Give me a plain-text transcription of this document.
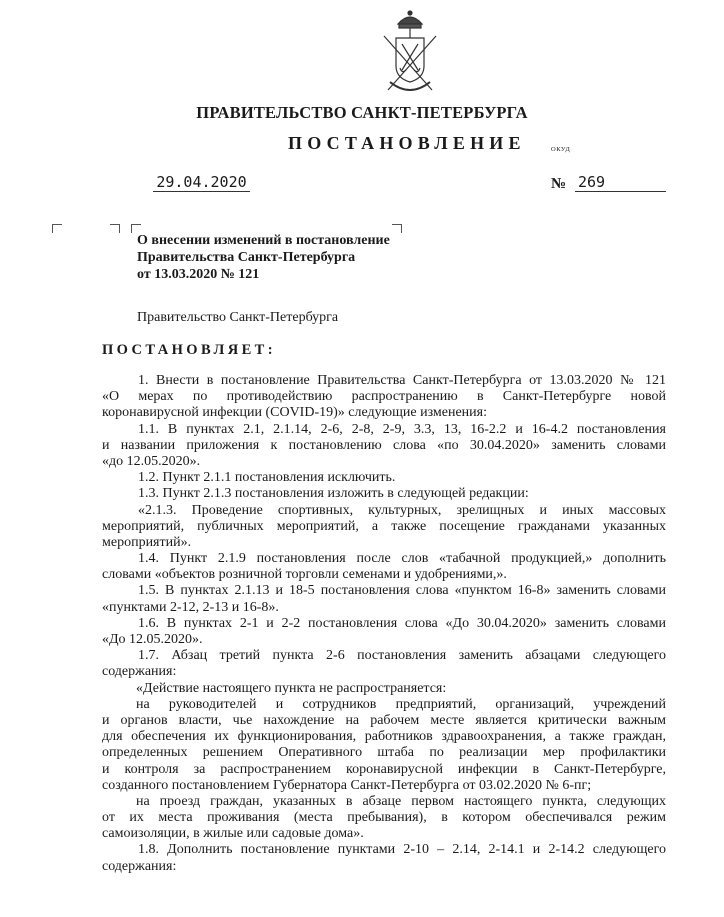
ПРАВИТЕЛЬСТВО САНКТ-ПЕТЕРБУРГА
ПОСТАНОВЛЕНИЕ	ОКУД
29.04.2020	№ 269
О внесении изменений в постановление
Правительства Санкт-Петербурга
от 13.03.2020 № 121
Правительство Санкт-Петербурга
ПОСТАНОВЛЯЕТ:
1. Внести в постановление Правительства Санкт-Петербурга от 13.03.2020 № 121
«О мерах по противодействию распространению в Санкт-Петербурге новой
коронавирусной инфекции (COVID-19)» следующие изменения:
1.1. В пунктах 2.1, 2.1.14, 2-6, 2-8, 2-9, 3.3, 13, 16-2.2 и 16-4.2 постановления
и названии приложения к постановлению слова «по 30.04.2020» заменить словами
«до 12.05.2020».
1.2. Пункт 2.1.1 постановления исключить.
1.3. Пункт 2.1.3 постановления изложить в следующей редакции:
«2.1.3. Проведение спортивных, культурных, зрелищных и иных массовых
мероприятий, публичных мероприятий, а также посещение гражданами указанных
мероприятий».
1.4. Пункт 2.1.9 постановления после слов «табачной продукцией,» дополнить
словами «объектов розничной торговли семенами и удобрениями,».
1.5. В пунктах 2.1.13 и 18-5 постановления слова «пунктом 16-8» заменить словами
«пунктами 2-12, 2-13 и 16-8».
1.6. В пунктах 2-1 и 2-2 постановления слова «До 30.04.2020» заменить словами
«До 12.05.2020».
1.7. Абзац третий пункта 2-6 постановления заменить абзацами следующего
содержания:
«Действие настоящего пункта не распространяется:
на руководителей и сотрудников предприятий, организаций, учреждений
и органов власти, чье нахождение на рабочем месте является критически важным
для обеспечения их функционирования, работников здравоохранения, а также граждан,
определенных решением Оперативного штаба по реализации мер профилактики
и контроля за распространением коронавирусной инфекции в Санкт-Петербурге,
созданного постановлением Губернатора Санкт-Петербурга от 03.02.2020 № 6-пг;
на проезд граждан, указанных в абзаце первом настоящего пункта, следующих
от их места проживания (места пребывания), в котором обеспечивался режим
самоизоляции, в жилые или садовые дома».
1.8. Дополнить постановление пунктами 2-10 – 2.14, 2-14.1 и 2-14.2 следующего
содержания:
